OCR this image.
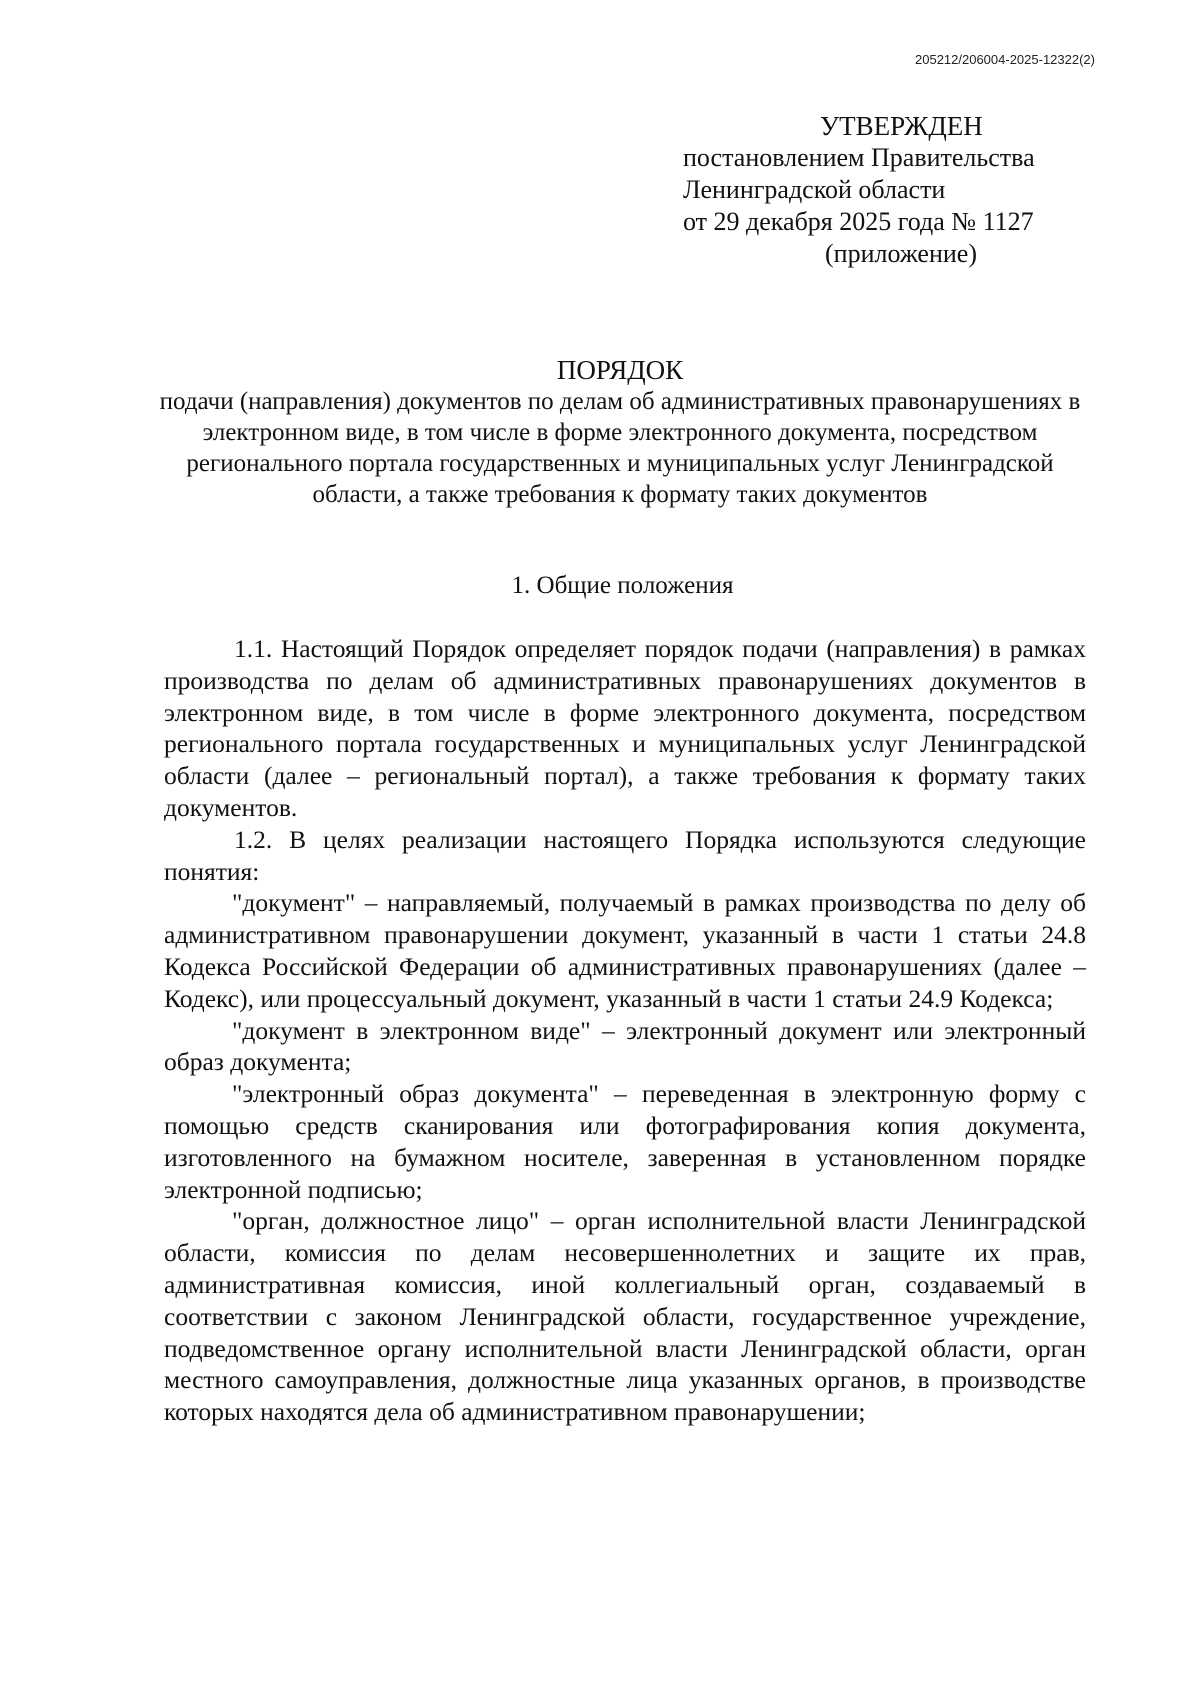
205212/206004-2025-12322(2)
УТВЕРЖДЕН
постановлением Правительства
Ленинградской области
от 29 декабря 2025 года № 1127
(приложение)
ПОРЯДОК
подачи (направления) документов по делам об административных правонарушениях в электронном виде, в том числе в форме электронного документа, посредством регионального портала государственных и муниципальных услуг Ленинградской области, а также требования к формату таких документов
1. Общие положения

1.1. Настоящий Порядок определяет порядок подачи (направления) в рамках производства по делам об административных правонарушениях документов в электронном виде, в том числе в форме электронного документа, посредством регионального портала государственных и муниципальных услуг Ленинградской области (далее – региональный портал), а также требования к формату таких документов.

1.2. В целях реализации настоящего Порядка используются следующие понятия:

"документ" – направляемый, получаемый в рамках производства по делу об административном правонарушении документ, указанный в части 1 статьи 24.8 Кодекса Российской Федерации об административных правонарушениях (далее – Кодекс), или процессуальный документ, указанный в части 1 статьи 24.9 Кодекса;

"документ в электронном виде" – электронный документ или электронный образ документа;

"электронный образ документа" – переведенная в электронную форму с помощью средств сканирования или фотографирования копия документа, изготовленного на бумажном носителе, заверенная в установленном порядке электронной подписью;

"орган, должностное лицо" – орган исполнительной власти Ленинградской области, комиссия по делам несовершеннолетних и защите их прав, административная комиссия, иной коллегиальный орган, создаваемый в соответствии с законом Ленинградской области, государственное учреждение, подведомственное органу исполнительной власти Ленинградской области, орган местного самоуправления, должностные лица указанных органов, в производстве которых находятся дела об административном правонарушении;
